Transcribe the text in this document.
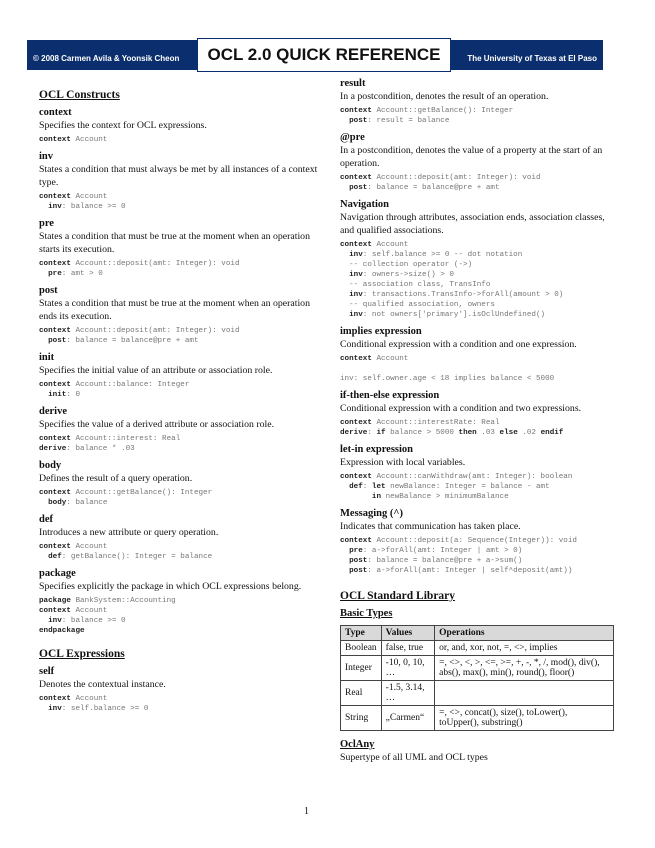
© 2008 Carmen Avila & Yoonsik Cheon	OCL 2.0 QUICK REFERENCE	The University of Texas at El Paso
OCL Constructs
context
Specifies the context for OCL expressions.
context Account
inv
States a condition that must always be met by all instances of a context type.
context Account
inv: balance >= 0
pre
States a condition that must be true at the moment when an operation starts its execution.
context Account::deposit(amt: Integer): void
pre: amt > 0
post
States a condition that must be true at the moment when an operation ends its execution.
context Account::deposit(amt: Integer): void
post: balance = balance@pre + amt
init
Specifies the initial value of an attribute or association role.
context Account::balance: Integer
init: 0
derive
Specifies the value of a derived attribute or association role.
context Account::interest: Real
derive: balance * .03
body
Defines the result of a query operation.
context Account::getBalance(): Integer
body: balance
def
Introduces a new attribute or query operation.
context Account
def: getBalance(): Integer = balance
package
Specifies explicitly the package in which OCL expressions belong.
package BankSystem::Accounting
context Account
inv: balance >= 0
endpackage
OCL Expressions
self
Denotes the contextual instance.
context Account
inv: self.balance >= 0
result
In a postcondition, denotes the result of an operation.
context Account::getBalance(): Integer
post: result = balance
@pre
In a postcondition, denotes the value of a property at the start of an operation.
context Account::deposit(amt: Integer): void
post: balance = balance@pre + amt
Navigation
Navigation through attributes, association ends, association classes, and qualified associations.
context Account
inv: self.balance >= 0 -- dot notation
-- collection operator (->)
inv: owners->size() > 0
-- association class, TransInfo
inv: transactions.TransInfo->forAll(amount > 0)
-- qualified association, owners
inv: not owners['primary'].isOclUndefined()
implies expression
Conditional expression with a condition and one expression.
context Account

inv: self.owner.age < 18 implies balance < 5000
if-then-else expression
Conditional expression with a condition and two expressions.
context Account::interestRate: Real
derive: if balance > 5000 then .03 else .02 endif
let-in expression
Expression with local variables.
context Account::canWithdraw(amt: Integer): boolean
def: let newBalance: Integer = balance - amt
in newBalance > minimumBalance
Messaging (^)
Indicates that communication has taken place.
context Account::deposit(a: Sequence(Integer)): void
pre: a->forAll(amt: Integer | amt > 0)
post: balance = balance@pre + a->sum()
post: a->forAll(amt: Integer | self^deposit(amt))
OCL Standard Library
Basic Types
Type	Values	Operations
Boolean	false, true	or, and, xor, not, =, <>, implies
Integer	-10, 0, 10, …	=, <>, <, >, <=, >=, +, -, *, /, mod(), div(), abs(), max(), min(), round(), floor()
Real	-1.5, 3.14, …	
String	„Carmen“	=, <>, concat(), size(), toLower(), toUpper(), substring()
OclAny
Supertype of all UML and OCL types
1
